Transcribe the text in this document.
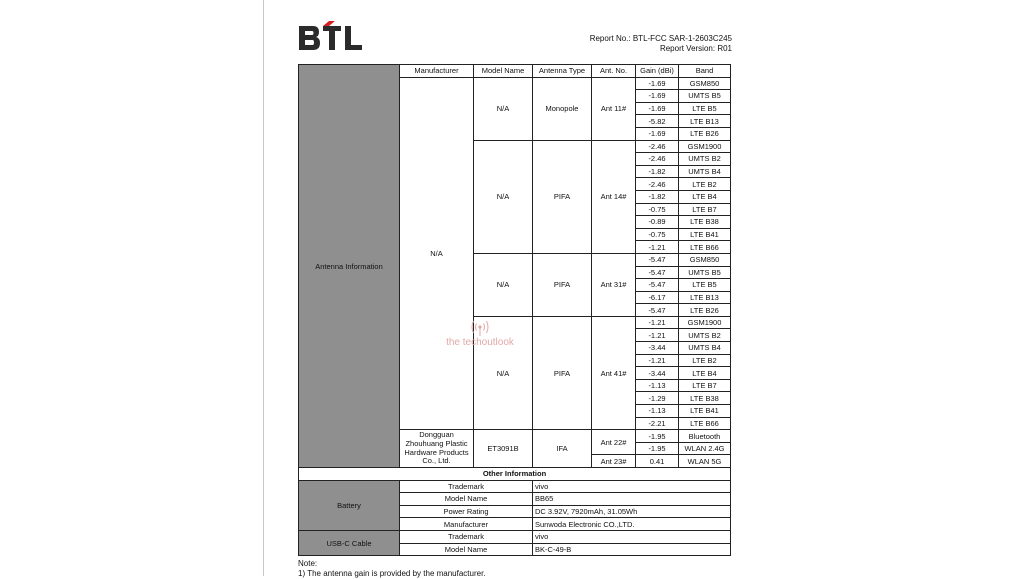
Report No.: BTL-FCC SAR-1-2603C245
Report Version: R01
Antenna Information	Manufacturer	Model Name	Antenna Type	Ant. No.	Gain (dBi)	Band
	N/A	N/A	Monopole	Ant 11#	-1.69	GSM850
					-1.69	UMTS B5
					-1.69	LTE B5
					-5.82	LTE B13
					-1.69	LTE B26
		N/A	PIFA	Ant 14#	-2.46	GSM1900
					-2.46	UMTS B2
					-1.82	UMTS B4
					-2.46	LTE B2
					-1.82	LTE B4
					-0.75	LTE B7
					-0.89	LTE B38
					-0.75	LTE B41
					-1.21	LTE B66
		N/A	PIFA	Ant 31#	-5.47	GSM850
					-5.47	UMTS B5
					-5.47	LTE B5
					-6.17	LTE B13
					-5.47	LTE B26
		N/A	PIFA	Ant 41#	-1.21	GSM1900
					-1.21	UMTS B2
					-3.44	UMTS B4
					-1.21	LTE B2
					-3.44	LTE B4
					-1.13	LTE B7
					-1.29	LTE B38
					-1.13	LTE B41
					-2.21	LTE B66
	Dongguan Zhouhuang Plastic Hardware Products Co., Ltd.	ET3091B	IFA	Ant 22#	-1.95	Bluetooth
					-1.95	WLAN 2.4G
				Ant 23#	0.41	WLAN 5G
Other Information						
Battery	Trademark		vivo			
	Model Name		BB65			
	Power Rating		DC 3.92V, 7920mAh, 31.05Wh			
	Manufacturer		Sunwoda Electronic CO.,LTD.			
USB-C Cable	Trademark		vivo			
	Model Name		BK-C-49-B			
the techoutlook
Note:
1) The antenna gain is provided by the manufacturer.
